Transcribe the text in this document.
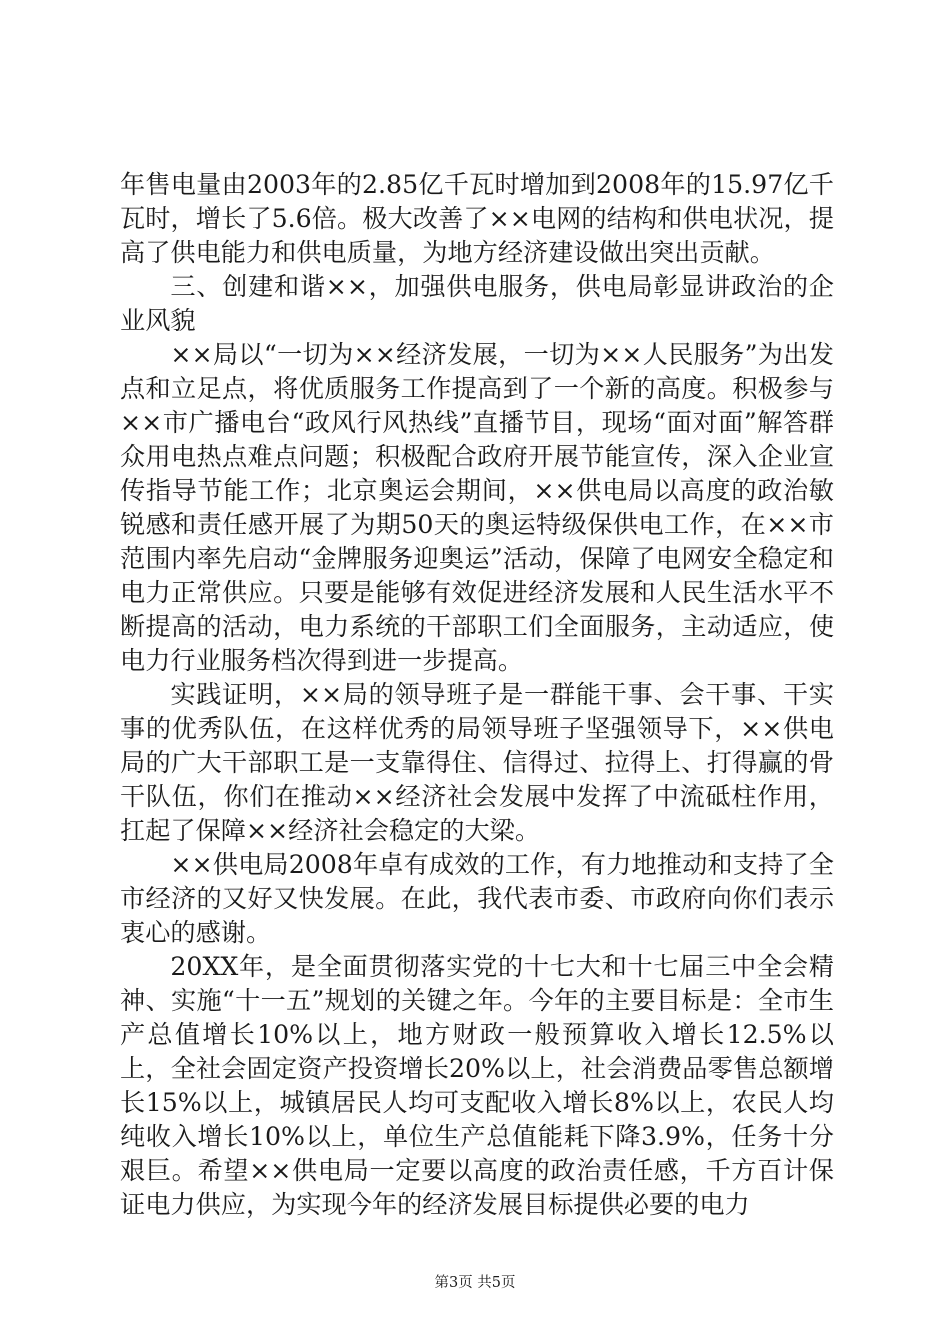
年售电量由2003年的2.85亿千瓦时增加到2008年的15.97亿千瓦时，增长了5.6倍。极大改善了××电网的结构和供电状况，提高了供电能力和供电质量，为地方经济建设做出突出贡献。

三、创建和谐××，加强供电服务，供电局彰显讲政治的企业风貌

××局以“一切为××经济发展，一切为××人民服务”为出发点和立足点，将优质服务工作提高到了一个新的高度。积极参与××市广播电台“政风行风热线”直播节目，现场“面对面”解答群众用电热点难点问题；积极配合政府开展节能宣传，深入企业宣传指导节能工作；北京奥运会期间，××供电局以高度的政治敏锐感和责任感开展了为期50天的奥运特级保供电工作，在××市范围内率先启动“金牌服务迎奥运”活动，保障了电网安全稳定和电力正常供应。只要是能够有效促进经济发展和人民生活水平不断提高的活动，电力系统的干部职工们全面服务，主动适应，使电力行业服务档次得到进一步提高。

实践证明，××局的领导班子是一群能干事、会干事、干实事的优秀队伍，在这样优秀的局领导班子坚强领导下，××供电局的广大干部职工是一支靠得住、信得过、拉得上、打得赢的骨干队伍，你们在推动××经济社会发展中发挥了中流砥柱作用，扛起了保障××经济社会稳定的大梁。

××供电局2008年卓有成效的工作，有力地推动和支持了全市经济的又好又快发展。在此，我代表市委、市政府向你们表示衷心的感谢。

20XX年，是全面贯彻落实党的十七大和十七届三中全会精神、实施“十一五”规划的关键之年。今年的主要目标是：全市生产总值增长10%以上，地方财政一般预算收入增长12.5%以上，全社会固定资产投资增长20%以上，社会消费品零售总额增长15%以上，城镇居民人均可支配收入增长8%以上，农民人均纯收入增长10%以上，单位生产总值能耗下降3.9%，任务十分艰巨。希望××供电局一定要以高度的政治责任感，千方百计保证电力供应，为实现今年的经济发展目标提供必要的电力

第3页 共5页
